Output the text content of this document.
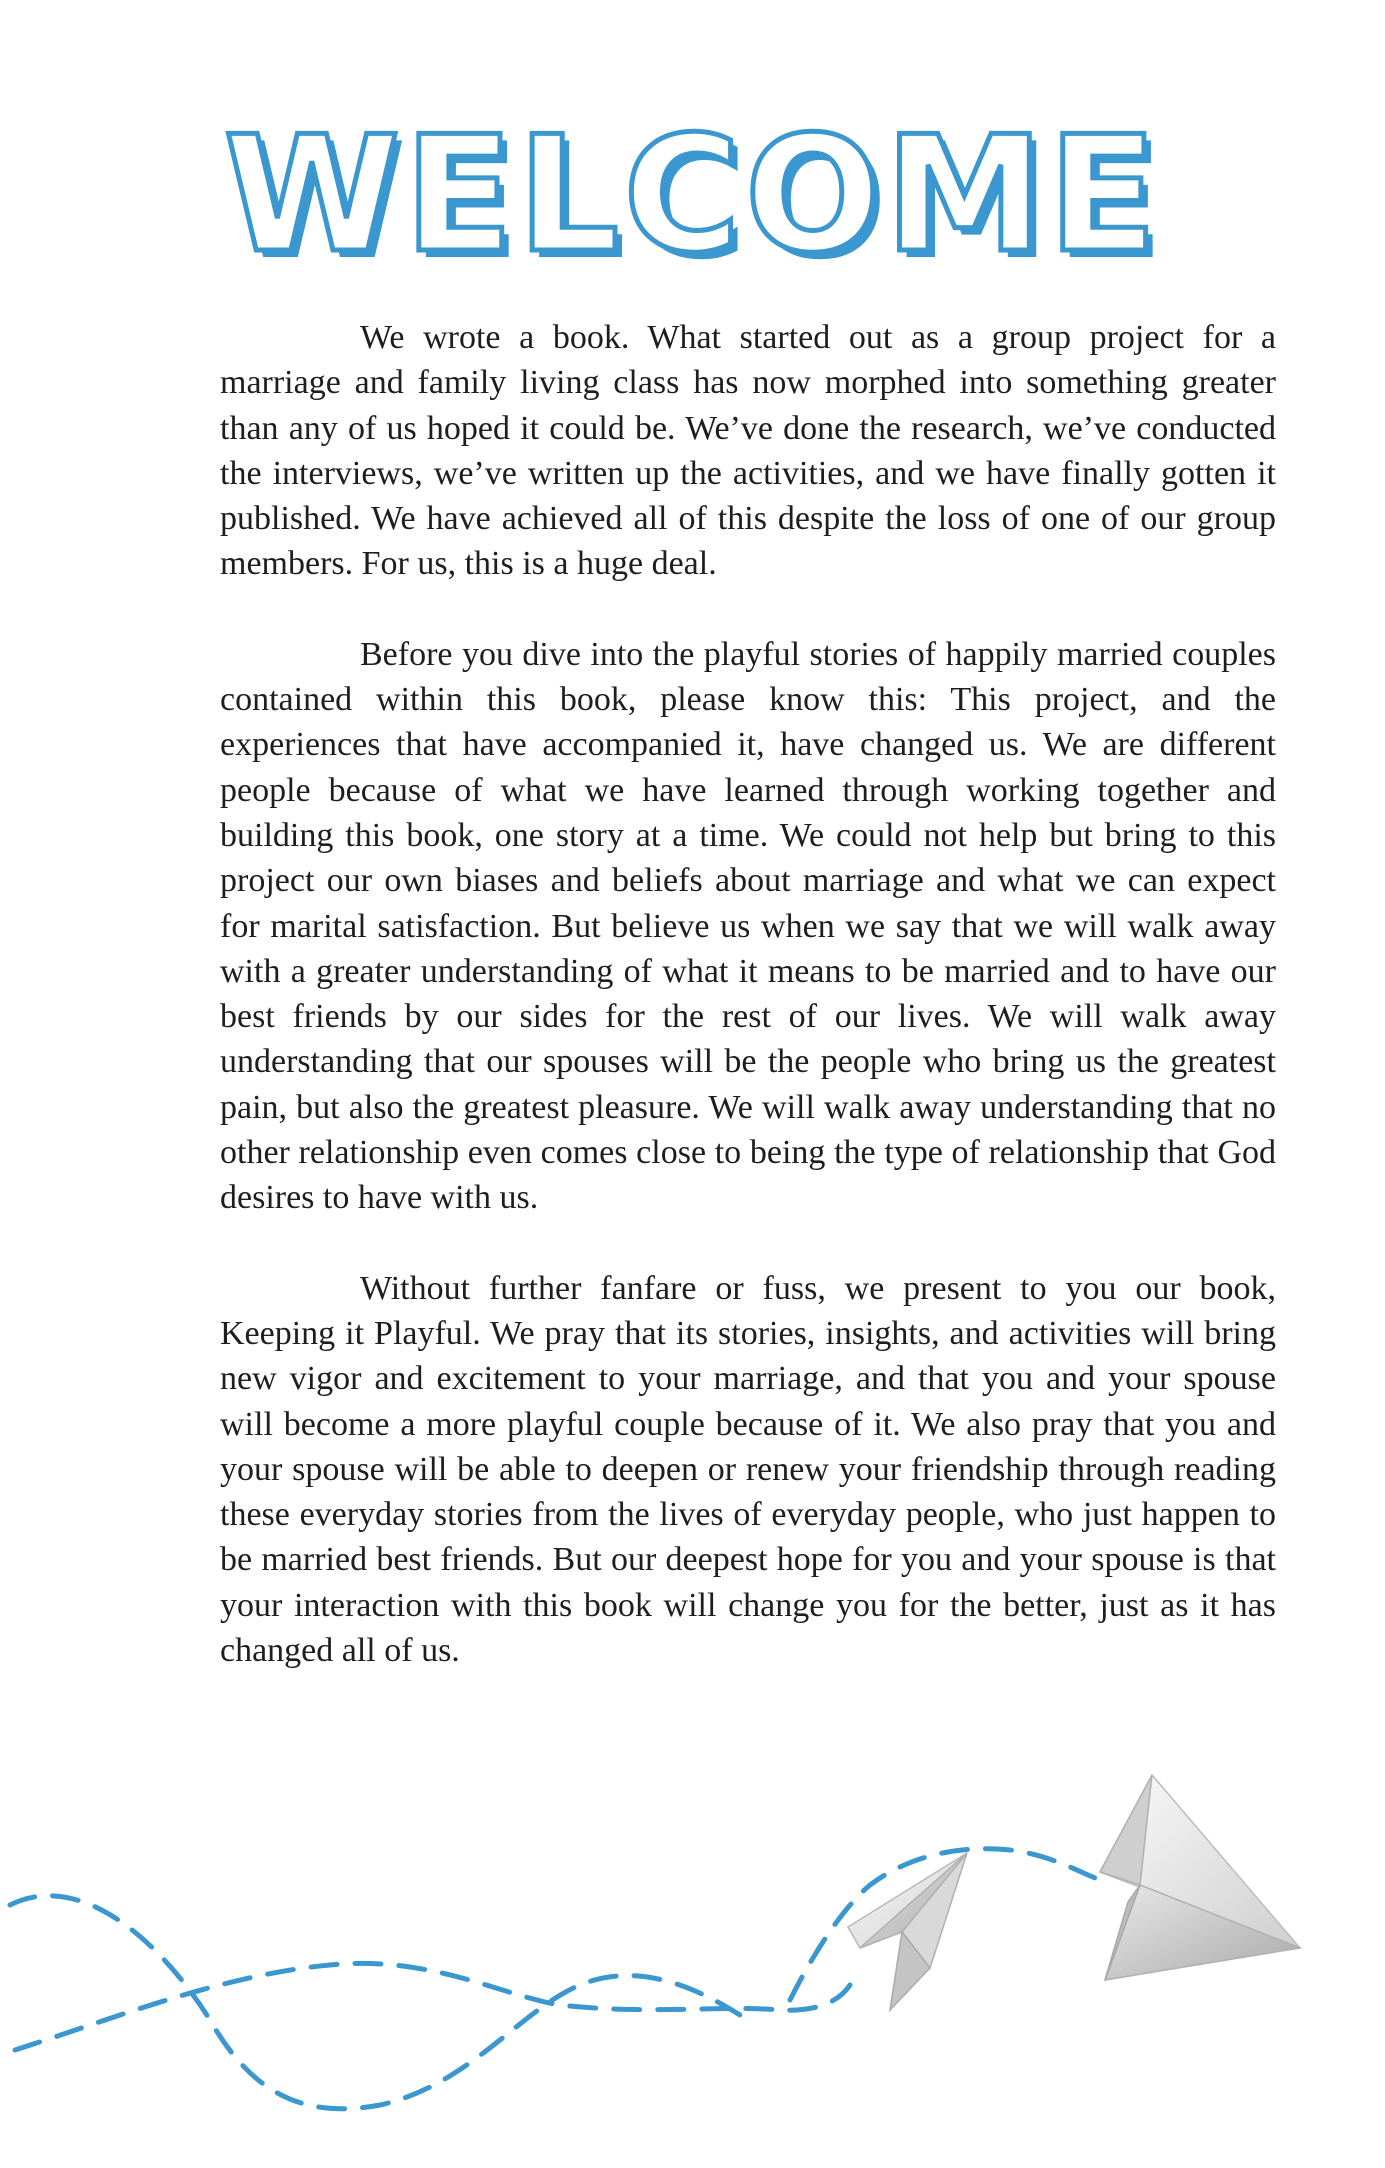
WELCOME

We wrote a book. What started out as a group project for a marriage and family living class has now morphed into something greater than any of us hoped it could be. We’ve done the research, we’ve conducted the interviews, we’ve written up the activities, and we have finally gotten it published. We have achieved all of this despite the loss of one of our group members. For us, this is a huge deal.

Before you dive into the playful stories of happily married couples contained within this book, please know this: This project, and the experiences that have accompanied it, have changed us. We are different people because of what we have learned through working together and building this book, one story at a time. We could not help but bring to this project our own biases and beliefs about marriage and what we can expect for marital satisfaction. But believe us when we say that we will walk away with a greater understanding of what it means to be married and to have our best friends by our sides for the rest of our lives. We will walk away understanding that our spouses will be the people who bring us the greatest pain, but also the greatest pleasure. We will walk away understanding that no other relationship even comes close to being the type of relationship that God desires to have with us.

Without further fanfare or fuss, we present to you our book, Keeping it Playful. We pray that its stories, insights, and activities will bring new vigor and excitement to your marriage, and that you and your spouse will become a more playful couple because of it. We also pray that you and your spouse will be able to deepen or renew your friendship through reading these everyday stories from the lives of everyday people, who just happen to be married best friends. But our deepest hope for you and your spouse is that your interaction with this book will change you for the better, just as it has changed all of us.
